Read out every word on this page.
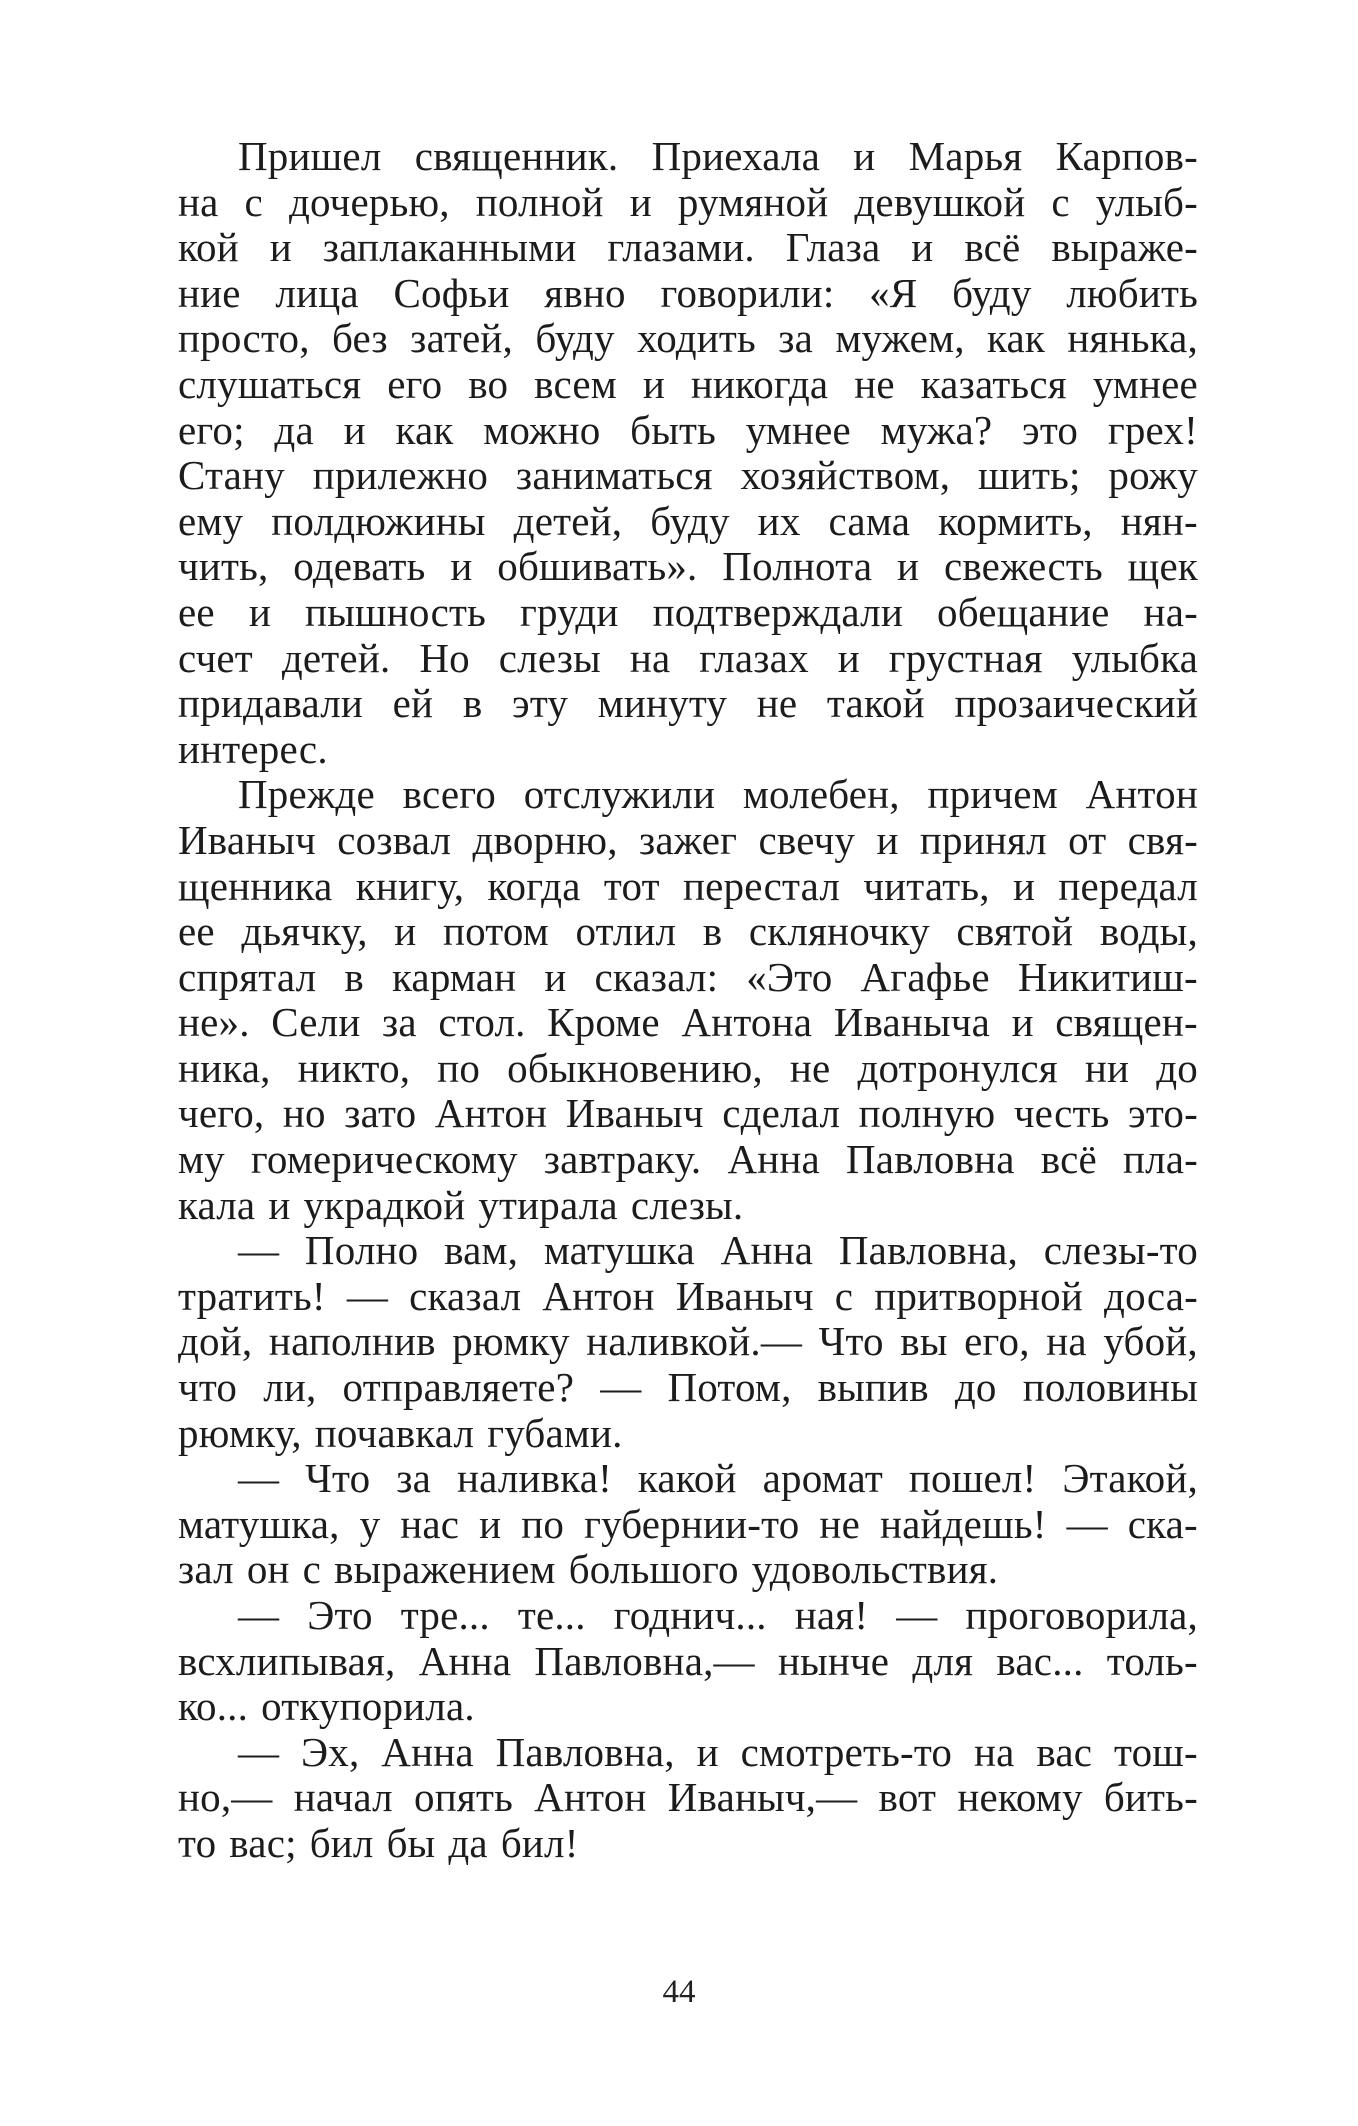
Пришел священник. Приехала и Марья Карпов-
на с дочерью, полной и румяной девушкой с улыб-
кой и заплаканными глазами. Глаза и всё выраже-
ние лица Софьи явно говорили: «Я буду любить
просто, без затей, буду ходить за мужем, как нянька,
слушаться его во всем и никогда не казаться умнее
его; да и как можно быть умнее мужа? это грех!
Стану прилежно заниматься хозяйством, шить; рожу
ему полдюжины детей, буду их сама кормить, нян-
чить, одевать и обшивать». Полнота и свежесть щек
ее и пышность груди подтверждали обещание на-
счет детей. Но слезы на глазах и грустная улыбка
придавали ей в эту минуту не такой прозаический
интерес.
Прежде всего отслужили молебен, причем Антон
Иваныч созвал дворню, зажег свечу и принял от свя-
щенника книгу, когда тот перестал читать, и передал
ее дьячку, и потом отлил в скляночку святой воды,
спрятал в карман и сказал: «Это Агафье Никитиш-
не». Сели за стол. Кроме Антона Иваныча и священ-
ника, никто, по обыкновению, не дотронулся ни до
чего, но зато Антон Иваныч сделал полную честь это-
му гомерическому завтраку. Анна Павловна всё пла-
кала и украдкой утирала слезы.
— Полно вам, матушка Анна Павловна, слезы-то
тратить! — сказал Антон Иваныч с притворной доса-
дой, наполнив рюмку наливкой.— Что вы его, на убой,
что ли, отправляете? — Потом, выпив до половины
рюмку, почавкал губами.
— Что за наливка! какой аромат пошел! Этакой,
матушка, у нас и по губернии-то не найдешь! — ска-
зал он с выражением большого удовольствия.
— Это тре... те... годнич... ная! — проговорила,
всхлипывая, Анна Павловна,— нынче для вас... толь-
ко... откупорила.
— Эх, Анна Павловна, и смотреть-то на вас тош-
но,— начал опять Антон Иваныч,— вот некому бить-
то вас; бил бы да бил!
44
